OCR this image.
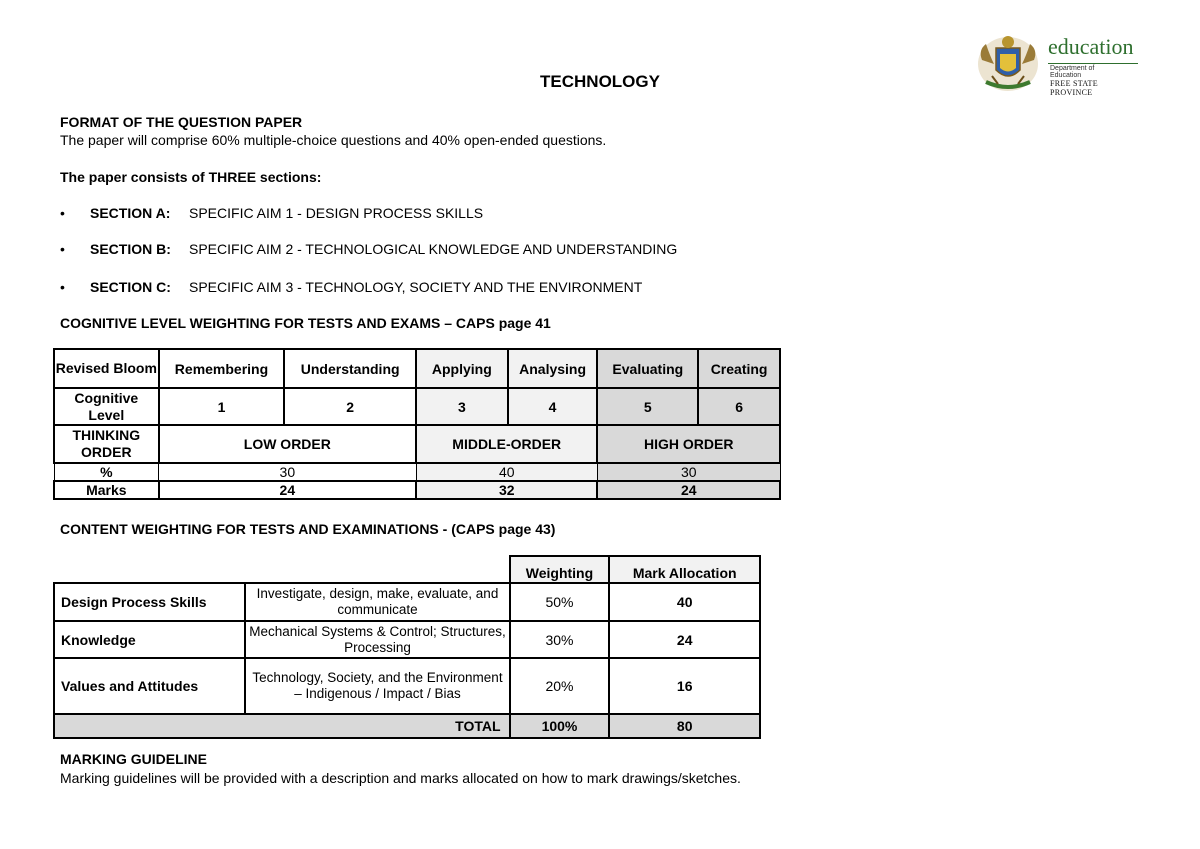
education
Department of
Education
FREE STATE PROVINCE
TECHNOLOGY
FORMAT OF THE QUESTION PAPER
The paper will comprise 60% multiple-choice questions and 40% open-ended questions.
The paper consists of THREE sections:
• SECTION A: SPECIFIC AIM 1 - DESIGN PROCESS SKILLS
• SECTION B: SPECIFIC AIM 2 - TECHNOLOGICAL KNOWLEDGE AND UNDERSTANDING
• SECTION C: SPECIFIC AIM 3 - TECHNOLOGY, SOCIETY AND THE ENVIRONMENT
COGNITIVE LEVEL WEIGHTING FOR TESTS AND EXAMS – CAPS page 41
Revised Bloom	Remembering	Understanding	Applying	Analysing	Evaluating	Creating
Cognitive Level	1	2	3	4	5	6
THINKING ORDER	LOW ORDER		MIDDLE-ORDER		HIGH ORDER	
%	30		40		30	
Marks	24		32		24	
CONTENT WEIGHTING FOR TESTS AND EXAMINATIONS - (CAPS page 43)
		Weighting	Mark Allocation
Design Process Skills	Investigate, design, make, evaluate, and communicate	50%	40
Knowledge	Mechanical Systems & Control; Structures, Processing	30%	24
Values and Attitudes	Technology, Society, and the Environment – Indigenous / Impact / Bias	20%	16
	TOTAL	100%	80
MARKING GUIDELINE
Marking guidelines will be provided with a description and marks allocated on how to mark drawings/sketches.
